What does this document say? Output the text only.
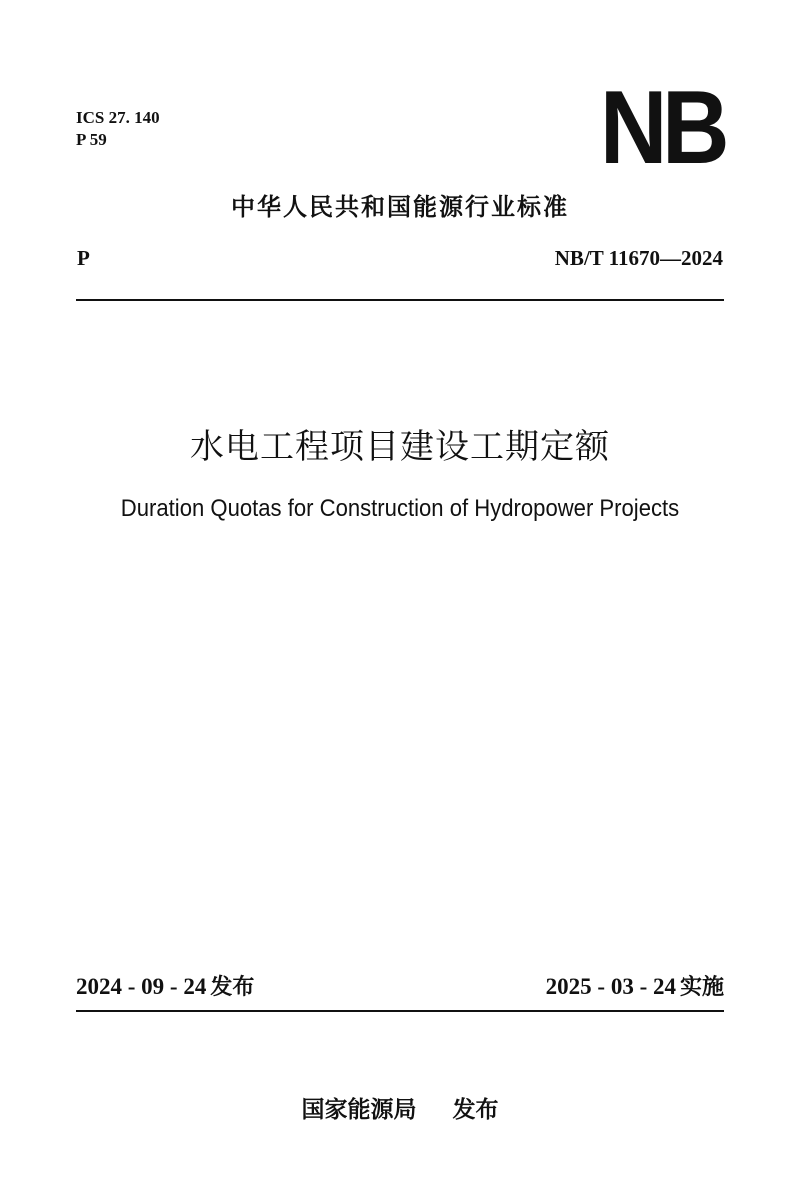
ICS 27. 140
P 59	NB
中华人民共和国能源行业标准
P	NB/T 11670—2024
水电工程项目建设工期定额
Duration Quotas for Construction of Hydropower Projects
2024 - 09 - 24 发布	2025 - 03 - 24 实施
国家能源局 发布
